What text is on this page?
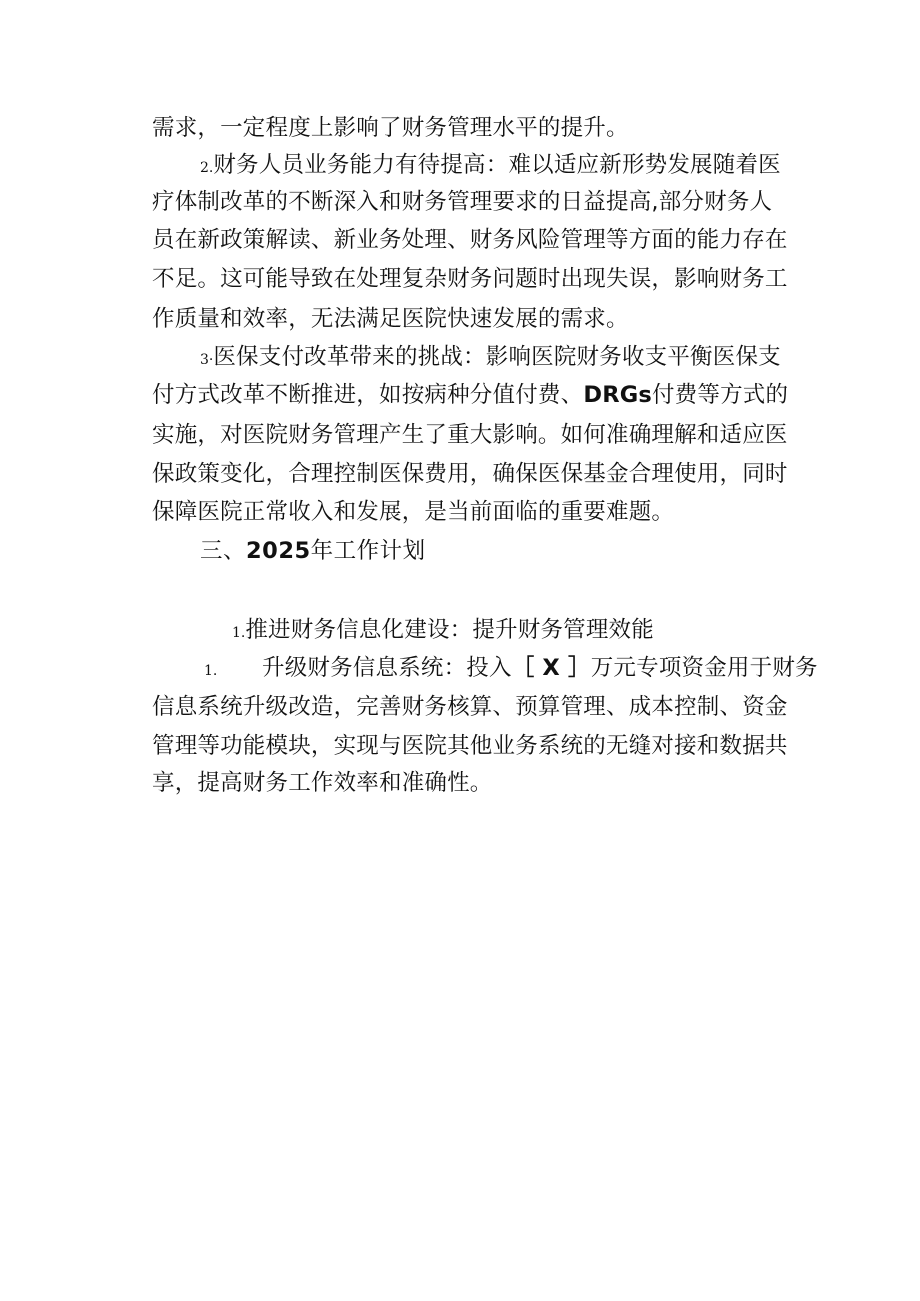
需求，一定程度上影响了财务管理水平的提升。
2.财务人员业务能力有待提高：难以适应新形势发展随着医
疗体制改革的不断深入和财务管理要求的日益提高,部分财务人
员在新政策解读、新业务处理、财务风险管理等方面的能力存在
不足。这可能导致在处理复杂财务问题时出现失误，影响财务工
作质量和效率，无法满足医院快速发展的需求。
3·医保支付改革带来的挑战：影响医院财务收支平衡医保支
付方式改革不断推进，如按病种分值付费、DRGs付费等方式的
实施，对医院财务管理产生了重大影响。如何准确理解和适应医
保政策变化，合理控制医保费用，确保医保基金合理使用，同时
保障医院正常收入和发展，是当前面临的重要难题。
三、2025年工作计划
1.推进财务信息化建设：提升财务管理效能
1. 升级财务信息系统：投入［ X ］万元专项资金用于财务
信息系统升级改造，完善财务核算、预算管理、成本控制、资金
管理等功能模块，实现与医院其他业务系统的无缝对接和数据共
享，提高财务工作效率和准确性。
